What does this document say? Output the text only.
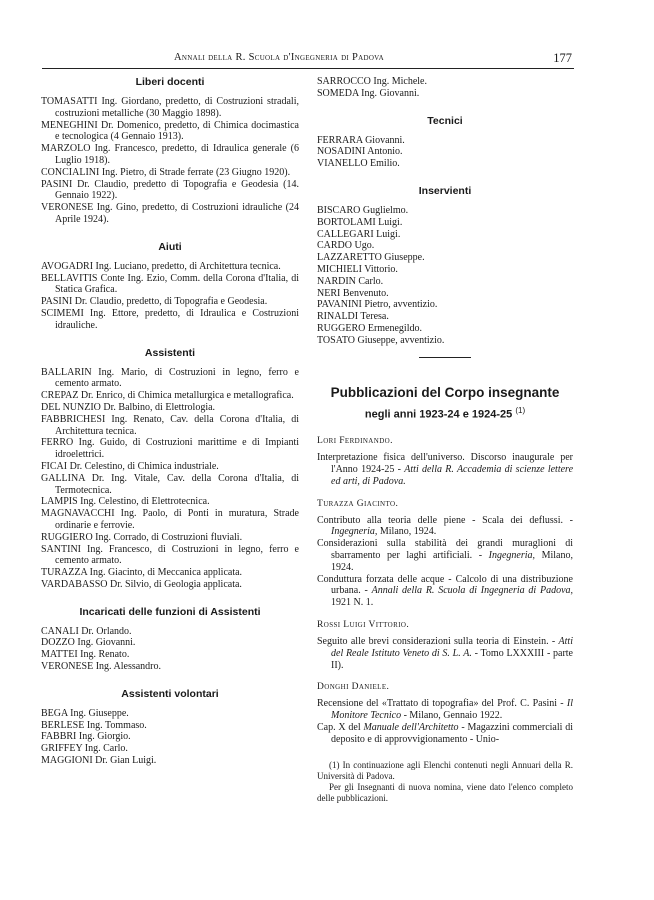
Annali della R. Scuola d'Ingegneria di Padova	177
Liberi docenti
TOMASATTI Ing. Giordano, predetto, di Costruzioni stradali, costruzioni metalliche (30 Maggio 1898).
MENEGHINI Dr. Domenico, predetto, di Chimica docimastica e tecnologica (4 Gennaio 1913).
MARZOLO Ing. Francesco, predetto, di Idraulica generale (6 Luglio 1918).
CONCIALINI Ing. Pietro, di Strade ferrate (23 Giugno 1920).
PASINI Dr. Claudio, predetto di Topografia e Geodesia (14. Gennaio 1922).
VERONESE Ing. Gino, predetto, di Costruzioni idrauliche (24 Aprile 1924).
Aiuti
AVOGADRI Ing. Luciano, predetto, di Architettura tecnica.
BELLAVITIS Conte Ing. Ezio, Comm. della Corona d'Italia, di Statica Grafica.
PASINI Dr. Claudio, predetto, di Topografia e Geodesia.
SCIMEMI Ing. Ettore, predetto, di Idraulica e Costruzioni idrauliche.
Assistenti
BALLARIN Ing. Mario, di Costruzioni in legno, ferro e cemento armato.
CREPAZ Dr. Enrico, di Chimica metallurgica e metallografica.
DEL NUNZIO Dr. Balbino, di Elettrologia.
FABBRICHESI Ing. Renato, Cav. della Corona d'Italia, di Architettura tecnica.
FERRO Ing. Guido, di Costruzioni marittime e di Impianti idroelettrici.
FICAI Dr. Celestino, di Chimica industriale.
GALLINA Dr. Ing. Vitale, Cav. della Corona d'Italia, di Termotecnica.
LAMPIS Ing. Celestino, di Elettrotecnica.
MAGNAVACCHI Ing. Paolo, di Ponti in muratura, Strade ordinarie e ferrovie.
RUGGIERO Ing. Corrado, di Costruzioni fluviali.
SANTINI Ing. Francesco, di Costruzioni in legno, ferro e cemento armato.
TURAZZA Ing. Giacinto, di Meccanica applicata.
VARDABASSO Dr. Silvio, di Geologia applicata.
Incaricati delle funzioni di Assistenti
CANALI Dr. Orlando.
DOZZO Ing. Giovanni.
MATTEI Ing. Renato.
VERONESE Ing. Alessandro.
Assistenti volontari
BEGA Ing. Giuseppe.
BERLESE Ing. Tommaso.
FABBRI Ing. Giorgio.
GRIFFEY Ing. Carlo.
MAGGIONI Dr. Gian Luigi.
SARROCCO Ing. Michele.
SOMEDA Ing. Giovanni.
Tecnici
FERRARA Giovanni.
NOSADINI Antonio.
VIANELLO Emilio.
Inservienti
BISCARO Guglielmo.
BORTOLAMI Luigi.
CALLEGARI Luigi.
CARDO Ugo.
LAZZARETTO Giuseppe.
MICHIELI Vittorio.
NARDIN Carlo.
NERI Benvenuto.
PAVANINI Pietro, avventizio.
RINALDI Teresa.
RUGGERO Ermenegildo.
TOSATO Giuseppe, avventizio.
Pubblicazioni del Corpo insegnante
negli anni 1923-24 e 1924-25 $^{(1)}$
Lori Ferdinando.
Interpretazione fisica dell'universo. Discorso inaugurale per l'Anno 1924-25 - Atti della R. Accademia di scienze lettere ed arti, di Padova.
Turazza Giacinto.
Contributo alla teoria delle piene - Scala dei deflussi. - Ingegneria, Milano, 1924.
Considerazioni sulla stabilità dei grandi muraglioni di sbarramento per laghi artificiali. - Ingegneria, Milano, 1924.
Conduttura forzata delle acque - Calcolo di una distribuzione urbana. - Annali della R. Scuola di Ingegneria di Padova, 1921 N. 1.
Rossi Luigi Vittorio.
Seguito alle brevi considerazioni sulla teoria di Einstein. - Atti del Reale Istituto Veneto di S. L. A. - Tomo LXXXIII - parte II).
Donghi Daniele.
Recensione del «Trattato di topografia» del Prof. C. Pasini - Il Monitore Tecnico - Milano, Gennaio 1922.
Cap. X del Manuale dell'Architetto - Magazzini commerciali di deposito e di approvvigionamento - Unio-
(1) In continuazione agli Elenchi contenuti negli Annuari della R. Università di Padova.
Per gli Insegnanti di nuova nomina, viene dato l'elenco completo delle pubblicazioni.
